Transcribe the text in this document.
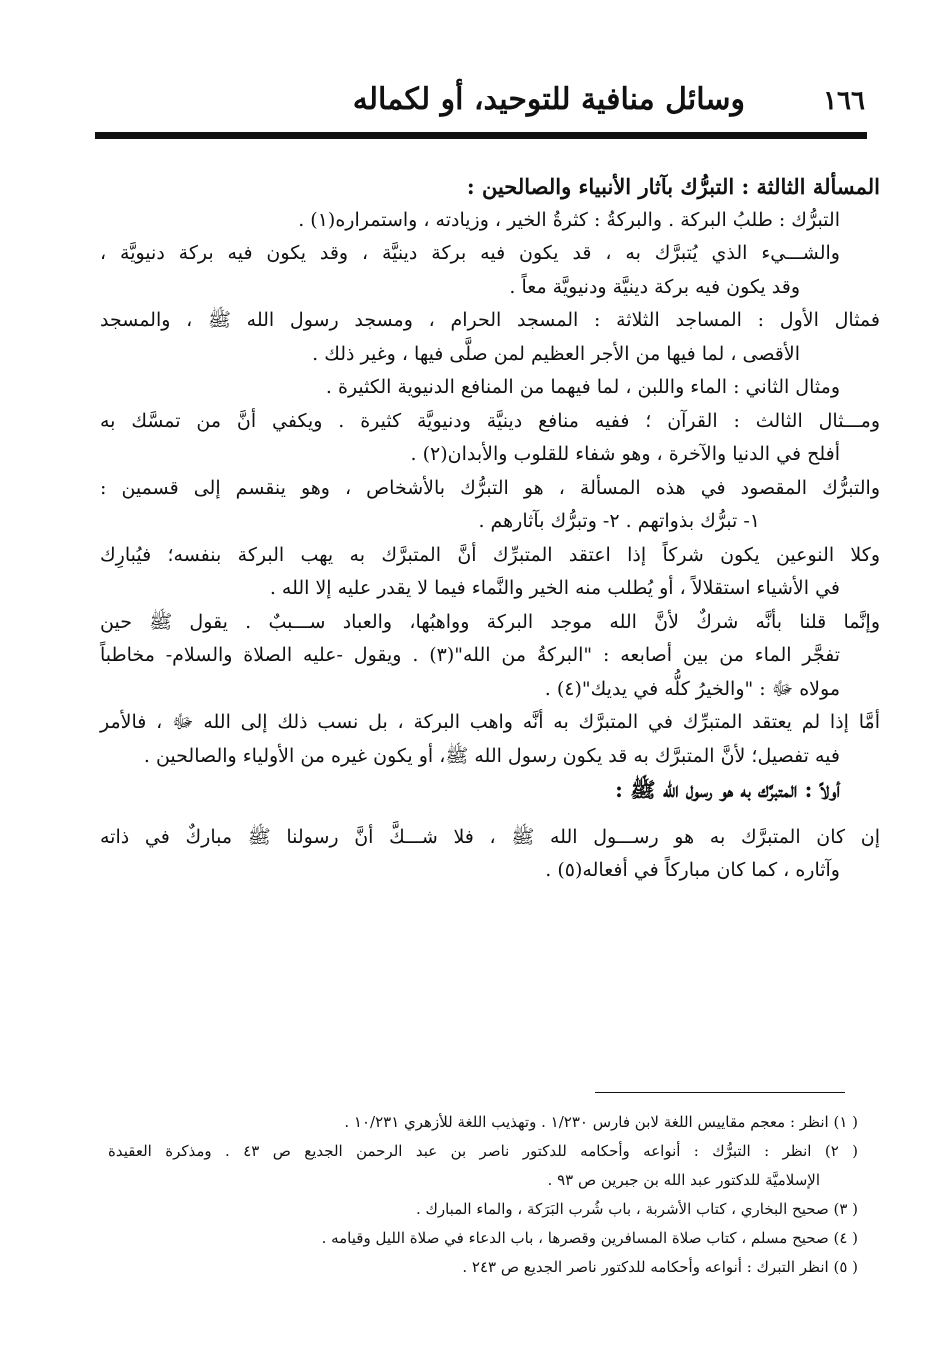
وسائل منافية للتوحيد، أو لكماله	١٦٦
المسألة الثالثة : التبرُّك بآثار الأنبياء والصالحين :
التبرُّك : طلبُ البركة . والبركةُ : كثرةُ الخير ، وزيادته ، واستمراره(١) .
والشـــيء الذي يُتبرَّك به ، قد يكون فيه بركة دينيَّة ، وقد يكون فيه بركة دنيويَّة ،
وقد يكون فيه بركة دينيَّة ودنيويَّة معاً .
فمثال الأول : المساجد الثلاثة : المسجد الحرام ، ومسجد رسول الله ﷺ ، والمسجد
الأقصى ، لما فيها من الأجر العظيم لمن صلَّى فيها ، وغير ذلك .
ومثال الثاني : الماء واللبن ، لما فيهما من المنافع الدنيوية الكثيرة .
ومـــثال الثالث : القرآن ؛ ففيه منافع دينيَّة ودنيويَّة كثيرة . ويكفي أنَّ من تمسَّك به
أفلح في الدنيا والآخرة ، وهو شفاء للقلوب والأبدان(٢) .
والتبرُّك المقصود في هذه المسألة ، هو التبرُّك بالأشخاص ، وهو ينقسم إلى قسمين :
١- تبرُّك بذواتهم . ٢- وتبرُّك بآثارهم .
وكلا النوعين يكون شركاً إذا اعتقد المتبرِّك أنَّ المتبرَّك به يهب البركة بنفسه؛ فيُبارِك
في الأشياء استقلالاً ، أو يُطلب منه الخير والنَّماء فيما لا يقدر عليه إلا الله .
وإنَّما قلنا بأنَّه شركٌ لأنَّ الله موجد البركة وواهبُها، والعباد ســـببٌ . يقول ﷺ حين
تفجَّر الماء من بين أصابعه : "البركةُ من الله"(٣) . ويقول -عليه الصلاة والسلام- مخاطباً
مولاه ﷻ : "والخيرُ كلُّه في يديك"(٤) .
أمَّا إذا لم يعتقد المتبرِّك في المتبرَّك به أنَّه واهب البركة ، بل نسب ذلك إلى الله ﷻ ، فالأمر
فيه تفصيل؛ لأنَّ المتبرَّك به قد يكون رسول الله ﷺ، أو يكون غيره من الأولياء والصالحين .
أولاً : المتبرَّك به هو رسول الله ﷺ :
إن كان المتبرَّك به هو رســـول الله ﷺ ، فلا شـــكَّ أنَّ رسولنا ﷺ مباركٌ في ذاته
وآثاره ، كما كان مباركاً في أفعاله(٥) .
( ١) انظر : معجم مقاييس اللغة لابن فارس ١/٢٣٠ . وتهذيب اللغة للأزهري ١٠/٢٣١ .
( ٢) انظر : التبرُّك : أنواعه وأحكامه للدكتور ناصر بن عبد الرحمن الجديع ص ٤٣ . ومذكرة العقيدة
الإسلاميَّة للدكتور عبد الله بن جبرين ص ٩٣ .
( ٣) صحيح البخاري ، كتاب الأشربة ، باب شُرب البَرَكة ، والماء المبارك .
( ٤) صحيح مسلم ، كتاب صلاة المسافرين وقصرها ، باب الدعاء في صلاة الليل وقيامه .
( ٥) انظر التبرك : أنواعه وأحكامه للدكتور ناصر الجديع ص ٢٤٣ .
